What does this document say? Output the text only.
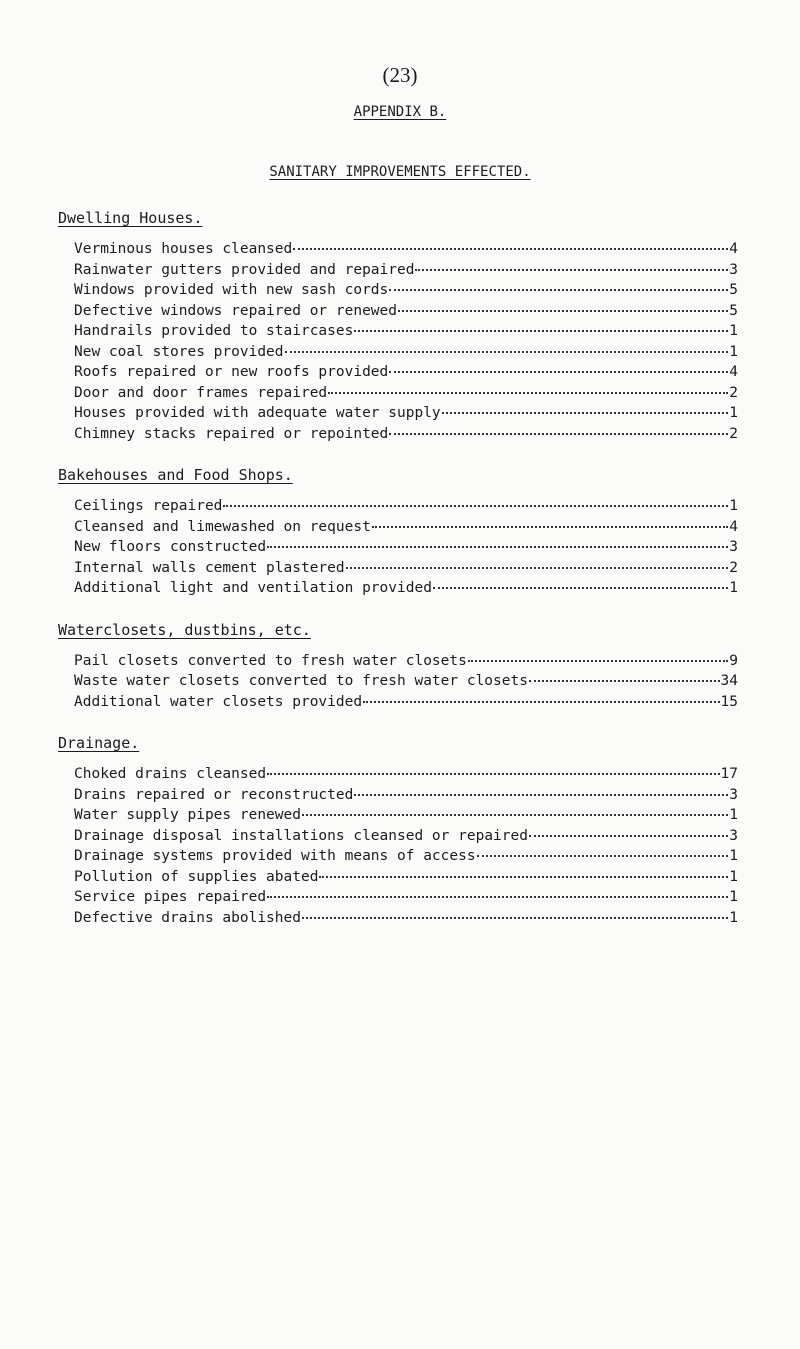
(23)
APPENDIX B.
SANITARY IMPROVEMENTS EFFECTED.
Dwelling Houses.
Verminous houses cleansed	4
Rainwater gutters provided and repaired	3
Windows provided with new sash cords	5
Defective windows repaired or renewed	5
Handrails provided to staircases	1
New coal stores provided	1
Roofs repaired or new roofs provided	4
Door and door frames repaired	2
Houses provided with adequate water supply	1
Chimney stacks repaired or repointed	2
Bakehouses and Food Shops.
Ceilings repaired	1
Cleansed and limewashed on request	4
New floors constructed	3
Internal walls cement plastered	2
Additional light and ventilation provided	1
Waterclosets, dustbins, etc.
Pail closets converted to fresh water closets	9
Waste water closets converted to fresh water closets	34
Additional water closets provided	15
Drainage.
Choked drains cleansed	17
Drains repaired or reconstructed	3
Water supply pipes renewed	1
Drainage disposal installations cleansed or repaired	3
Drainage systems provided with means of access	1
Pollution of supplies abated	1
Service pipes repaired	1
Defective drains abolished	1
